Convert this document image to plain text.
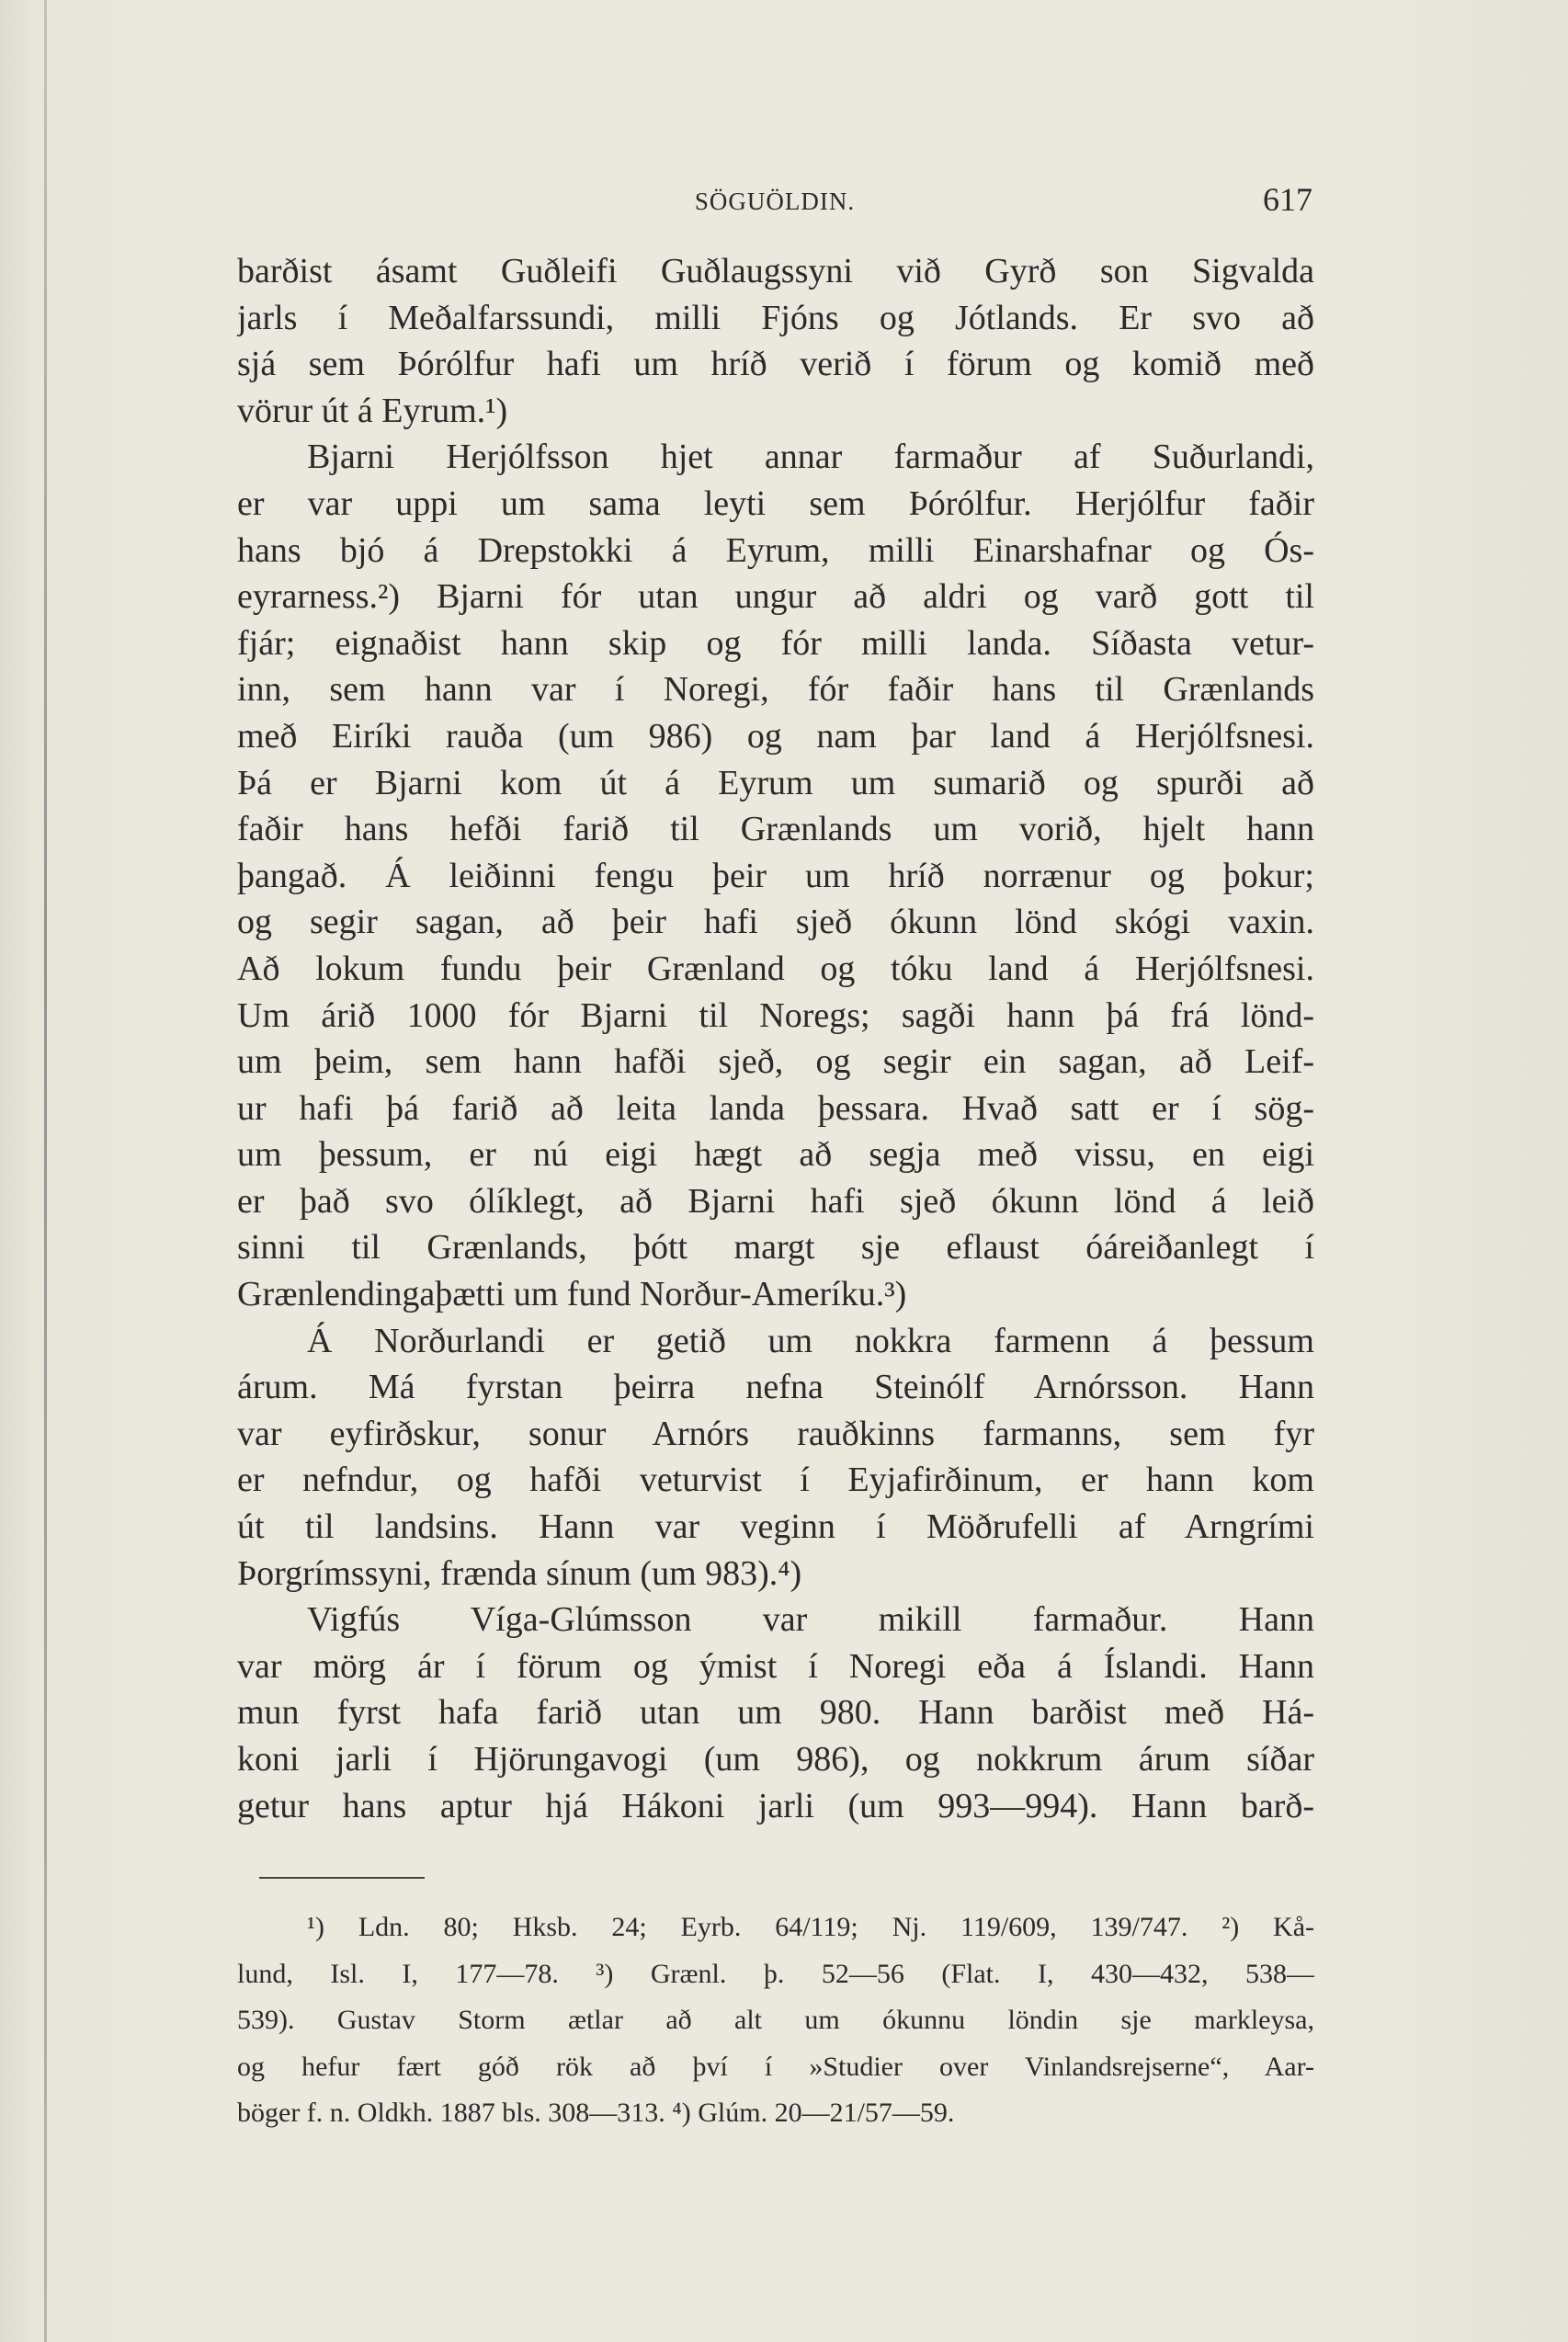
SÖGUÖLDIN.	617
barðist ásamt Guðleifi Guðlaugssyni við Gyrð son Sigvalda
jarls í Meðalfarssundi, milli Fjóns og Jótlands. Er svo að
sjá sem Þórólfur hafi um hríð verið í förum og komið með
vörur út á Eyrum.¹)
Bjarni Herjólfsson hjet annar farmaður af Suðurlandi,
er var uppi um sama leyti sem Þórólfur. Herjólfur faðir
hans bjó á Drepstokki á Eyrum, milli Einarshafnar og Ós-
eyrarness.²) Bjarni fór utan ungur að aldri og varð gott til
fjár; eignaðist hann skip og fór milli landa. Síðasta vetur-
inn, sem hann var í Noregi, fór faðir hans til Grænlands
með Eiríki rauða (um 986) og nam þar land á Herjólfsnesi.
Þá er Bjarni kom út á Eyrum um sumarið og spurði að
faðir hans hefði farið til Grænlands um vorið, hjelt hann
þangað. Á leiðinni fengu þeir um hríð norrænur og þokur;
og segir sagan, að þeir hafi sjeð ókunn lönd skógi vaxin.
Að lokum fundu þeir Grænland og tóku land á Herjólfsnesi.
Um árið 1000 fór Bjarni til Noregs; sagði hann þá frá lönd-
um þeim, sem hann hafði sjeð, og segir ein sagan, að Leif-
ur hafi þá farið að leita landa þessara. Hvað satt er í sög-
um þessum, er nú eigi hægt að segja með vissu, en eigi
er það svo ólíklegt, að Bjarni hafi sjeð ókunn lönd á leið
sinni til Grænlands, þótt margt sje eflaust óáreiðanlegt í
Grænlendingaþætti um fund Norður-Ameríku.³)
Á Norðurlandi er getið um nokkra farmenn á þessum
árum. Má fyrstan þeirra nefna Steinólf Arnórsson. Hann
var eyfirðskur, sonur Arnórs rauðkinns farmanns, sem fyr
er nefndur, og hafði veturvist í Eyjafirðinum, er hann kom
út til landsins. Hann var veginn í Möðrufelli af Arngrími
Þorgrímssyni, frænda sínum (um 983).⁴)
Vigfús Víga-Glúmsson var mikill farmaður. Hann
var mörg ár í förum og ýmist í Noregi eða á Íslandi. Hann
mun fyrst hafa farið utan um 980. Hann barðist með Há-
koni jarli í Hjörungavogi (um 986), og nokkrum árum síðar
getur hans aptur hjá Hákoni jarli (um 993—994). Hann barð-
¹) Ldn. 80; Hksb. 24; Eyrb. 64/119; Nj. 119/609, 139/747. ²) Kå-
lund, Isl. I, 177—78. ³) Grænl. þ. 52—56 (Flat. I, 430—432, 538—
539). Gustav Storm ætlar að alt um ókunnu löndin sje markleysa,
og hefur fært góð rök að því í »Studier over Vinlandsrejserne“, Aar-
böger f. n. Oldkh. 1887 bls. 308—313. ⁴) Glúm. 20—21/57—59.
